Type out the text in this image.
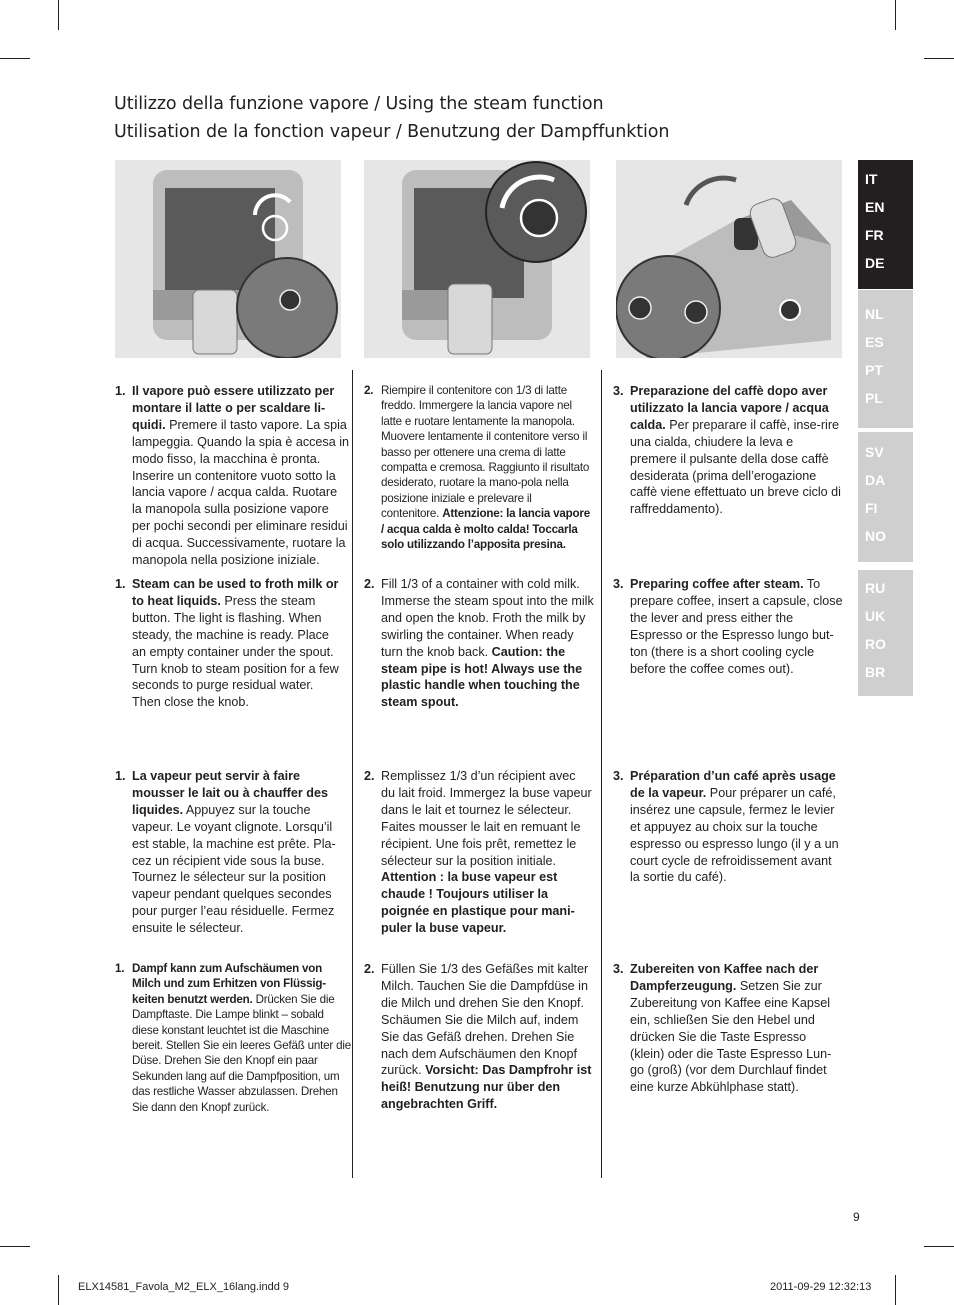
Utilizzo della funzione vapore / Using the steam function
Utilisation de la fonction vapeur / Benutzung der Dampffunktion
IT
EN
FR
DE
NL
ES
PT
PL
SV
DA
FI
NO
RU
UK
RO
BR
1. Il vapore può essere utilizzato per montare il latte o per scaldare li-quidi. Premere il tasto vapore. La spia lampeggia. Quando la spia è accesa in modo fisso, la macchina è pronta. Inserire un contenitore vuoto sotto la lancia vapore / acqua calda. Ruotare la manopola sulla posizione vapore per pochi secondi per eliminare residui di acqua. Successivamente, ruotare la manopola nella posizione iniziale.
2. Riempire il contenitore con 1/3 di latte freddo. Immergere la lancia vapore nel latte e ruotare lentamente la manopola. Muovere lentamente il contenitore verso il basso per ottenere una crema di latte compatta e cremosa. Raggiunto il risultato desiderato, ruotare la mano-pola nella posizione iniziale e prelevare il contenitore. Attenzione: la lancia vapore / acqua calda è molto calda! Toccarla solo utilizzando l’apposita presina.
3. Preparazione del caffè dopo aver utilizzato la lancia vapore / acqua calda. Per preparare il caffè, inse-rire una cialda, chiudere la leva e premere il pulsante della dose caffè desiderata (prima dell’erogazione caffè viene effettuato un breve ciclo di raffreddamento).
1. Steam can be used to froth milk or to heat liquids. Press the steam button. The light is flashing. When steady, the machine is ready. Place an empty container under the spout. Turn knob to steam position for a few seconds to purge residual water. Then close the knob.
2. Fill 1/3 of a container with cold milk. Immerse the steam spout into the milk and open the knob. Froth the milk by swirling the container. When ready turn the knob back. Caution: the steam pipe is hot! Always use the plastic handle when touching the steam spout.
3. Preparing coffee after steam. To prepare coffee, insert a capsule, close the lever and press either the Espresso or the Espresso lungo but-ton (there is a short cooling cycle before the coffee comes out).
1. La vapeur peut servir à faire mousser le lait ou à chauffer des liquides. Appuyez sur la touche vapeur. Le voyant clignote. Lorsqu’il est stable, la machine est prête. Pla-cez un récipient vide sous la buse. Tournez le sélecteur sur la position vapeur pendant quelques secondes pour purger l’eau résiduelle. Fermez ensuite le sélecteur.
2. Remplissez 1/3 d’un récipient avec du lait froid. Immergez la buse vapeur dans le lait et tournez le sélecteur. Faites mousser le lait en remuant le récipient. Une fois prêt, remettez le sélecteur sur la position initiale. Attention : la buse vapeur est chaude ! Toujours utiliser la poignée en plastique pour mani-puler la buse vapeur.
3. Préparation d’un café après usage de la vapeur. Pour préparer un café, insérez une capsule, fermez le levier et appuyez au choix sur la touche espresso ou espresso lungo (il y a un court cycle de refroidissement avant la sortie du café).
1. Dampf kann zum Aufschäumen von Milch und zum Erhitzen von Flüssig-keiten benutzt werden. Drücken Sie die Dampftaste. Die Lampe blinkt – sobald diese konstant leuchtet ist die Maschine bereit. Stellen Sie ein leeres Gefäß unter die Düse. Drehen Sie den Knopf ein paar Sekunden lang auf die Dampfposition, um das restliche Wasser abzulassen. Drehen Sie dann den Knopf zurück.
2. Füllen Sie 1/3 des Gefäßes mit kalter Milch. Tauchen Sie die Dampfdüse in die Milch und drehen Sie den Knopf. Schäumen Sie die Milch auf, indem Sie das Gefäß drehen. Drehen Sie nach dem Aufschäumen den Knopf zurück. Vorsicht: Das Dampfrohr ist heiß! Benutzung nur über den angebrachten Griff.
3. Zubereiten von Kaffee nach der Dampferzeugung. Setzen Sie zur Zubereitung von Kaffee eine Kapsel ein, schließen Sie den Hebel und drücken Sie die Taste Espresso (klein) oder die Taste Espresso Lun-go (groß) (vor dem Durchlauf findet eine kurze Abkühlphase statt).
9
ELX14581_Favola_M2_ELX_16lang.indd 9	2011-09-29 12:32:13
